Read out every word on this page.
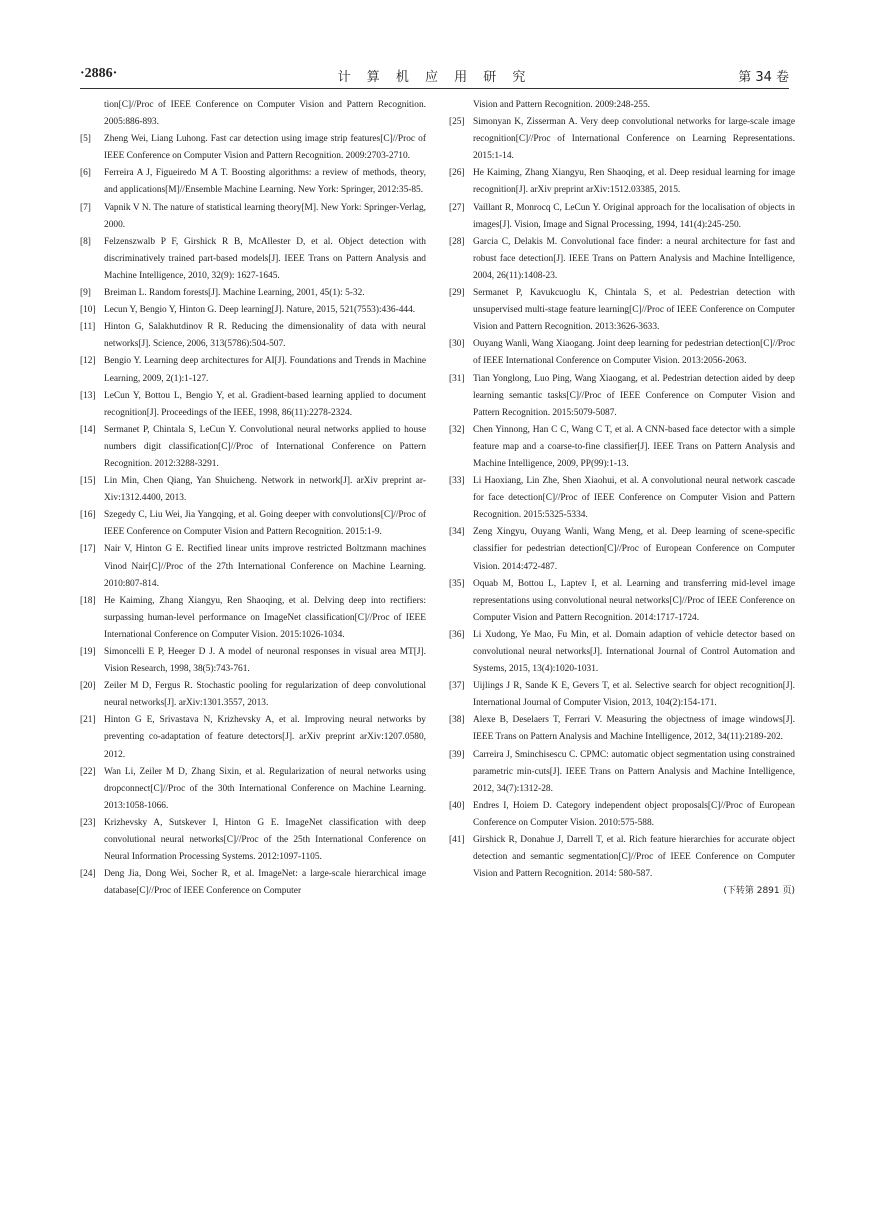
·2886·	计 算 机 应 用 研 究	第 34 卷
tion[C]//Proc of IEEE Conference on Computer Vision and Pattern Recognition. 2005:886-893.
[5]	Zheng Wei, Liang Luhong. Fast car detection using image strip features[C]//Proc of IEEE Conference on Computer Vision and Pattern Recognition. 2009:2703-2710.
[6]	Ferreira A J, Figueiredo M A T. Boosting algorithms: a review of methods, theory, and applications[M]//Ensemble Machine Learning. New York: Springer, 2012:35-85.
[7]	Vapnik V N. The nature of statistical learning theory[M]. New York: Springer-Verlag, 2000.
[8]	Felzenszwalb P F, Girshick R B, McAllester D, et al. Object detection with discriminatively trained part-based models[J]. IEEE Trans on Pattern Analysis and Machine Intelligence, 2010, 32(9): 1627-1645.
[9]	Breiman L. Random forests[J]. Machine Learning, 2001, 45(1): 5-32.
[10] Lecun Y, Bengio Y, Hinton G. Deep learning[J]. Nature, 2015, 521(7553):436-444.
[11] Hinton G, Salakhutdinov R R. Reducing the dimensionality of data with neural networks[J]. Science, 2006, 313(5786):504-507.
[12] Bengio Y. Learning deep architectures for AI[J]. Foundations and Trends in Machine Learning, 2009, 2(1):1-127.
[13] LeCun Y, Bottou L, Bengio Y, et al. Gradient-based learning applied to document recognition[J]. Proceedings of the IEEE, 1998, 86(11):2278-2324.
[14] Sermanet P, Chintala S, LeCun Y. Convolutional neural networks applied to house numbers digit classification[C]//Proc of International Conference on Pattern Recognition. 2012:3288-3291.
[15] Lin Min, Chen Qiang, Yan Shuicheng. Network in network[J]. arXiv preprint ar-Xiv:1312.4400, 2013.
[16] Szegedy C, Liu Wei, Jia Yangqing, et al. Going deeper with convolutions[C]//Proc of IEEE Conference on Computer Vision and Pattern Recognition. 2015:1-9.
[17] Nair V, Hinton G E. Rectified linear units improve restricted Boltzmann machines Vinod Nair[C]//Proc of the 27th International Conference on Machine Learning. 2010:807-814.
[18] He Kaiming, Zhang Xiangyu, Ren Shaoqing, et al. Delving deep into rectifiers: surpassing human-level performance on ImageNet classification[C]//Proc of IEEE International Conference on Computer Vision. 2015:1026-1034.
[19] Simoncelli E P, Heeger D J. A model of neuronal responses in visual area MT[J]. Vision Research, 1998, 38(5):743-761.
[20] Zeiler M D, Fergus R. Stochastic pooling for regularization of deep convolutional neural networks[J]. arXiv:1301.3557, 2013.
[21] Hinton G E, Srivastava N, Krizhevsky A, et al. Improving neural networks by preventing co-adaptation of feature detectors[J]. arXiv preprint arXiv:1207.0580, 2012.
[22] Wan Li, Zeiler M D, Zhang Sixin, et al. Regularization of neural networks using dropconnect[C]//Proc of the 30th International Conference on Machine Learning. 2013:1058-1066.
[23] Krizhevsky A, Sutskever I, Hinton G E. ImageNet classification with deep convolutional neural networks[C]//Proc of the 25th International Conference on Neural Information Processing Systems. 2012:1097-1105.
[24] Deng Jia, Dong Wei, Socher R, et al. ImageNet: a large-scale hierarchical image database[C]//Proc of IEEE Conference on Computer
Vision and Pattern Recognition. 2009:248-255.
[25] Simonyan K, Zisserman A. Very deep convolutional networks for large-scale image recognition[C]//Proc of International Conference on Learning Representations. 2015:1-14.
[26] He Kaiming, Zhang Xiangyu, Ren Shaoqing, et al. Deep residual learning for image recognition[J]. arXiv preprint arXiv:1512.03385, 2015.
[27] Vaillant R, Monrocq C, LeCun Y. Original approach for the localisation of objects in images[J]. Vision, Image and Signal Processing, 1994, 141(4):245-250.
[28] Garcia C, Delakis M. Convolutional face finder: a neural architecture for fast and robust face detection[J]. IEEE Trans on Pattern Analysis and Machine Intelligence, 2004, 26(11):1408-23.
[29] Sermanet P, Kavukcuoglu K, Chintala S, et al. Pedestrian detection with unsupervised multi-stage feature learning[C]//Proc of IEEE Conference on Computer Vision and Pattern Recognition. 2013:3626-3633.
[30] Ouyang Wanli, Wang Xiaogang. Joint deep learning for pedestrian detection[C]//Proc of IEEE International Conference on Computer Vision. 2013:2056-2063.
[31] Tian Yonglong, Luo Ping, Wang Xiaogang, et al. Pedestrian detection aided by deep learning semantic tasks[C]//Proc of IEEE Conference on Computer Vision and Pattern Recognition. 2015:5079-5087.
[32] Chen Yinnong, Han C C, Wang C T, et al. A CNN-based face detector with a simple feature map and a coarse-to-fine classifier[J]. IEEE Trans on Pattern Analysis and Machine Intelligence, 2009, PP(99):1-13.
[33] Li Haoxiang, Lin Zhe, Shen Xiaohui, et al. A convolutional neural network cascade for face detection[C]//Proc of IEEE Conference on Computer Vision and Pattern Recognition. 2015:5325-5334.
[34] Zeng Xingyu, Ouyang Wanli, Wang Meng, et al. Deep learning of scene-specific classifier for pedestrian detection[C]//Proc of European Conference on Computer Vision. 2014:472-487.
[35] Oquab M, Bottou L, Laptev I, et al. Learning and transferring mid-level image representations using convolutional neural networks[C]//Proc of IEEE Conference on Computer Vision and Pattern Recognition. 2014:1717-1724.
[36] Li Xudong, Ye Mao, Fu Min, et al. Domain adaption of vehicle detector based on convolutional neural networks[J]. International Journal of Control Automation and Systems, 2015, 13(4):1020-1031.
[37] Uijlings J R, Sande K E, Gevers T, et al. Selective search for object recognition[J]. International Journal of Computer Vision, 2013, 104(2):154-171.
[38] Alexe B, Deselaers T, Ferrari V. Measuring the objectness of image windows[J]. IEEE Trans on Pattern Analysis and Machine Intelligence, 2012, 34(11):2189-202.
[39] Carreira J, Sminchisescu C. CPMC: automatic object segmentation using constrained parametric min-cuts[J]. IEEE Trans on Pattern Analysis and Machine Intelligence, 2012, 34(7):1312-28.
[40] Endres I, Hoiem D. Category independent object proposals[C]//Proc of European Conference on Computer Vision. 2010:575-588.
[41] Girshick R, Donahue J, Darrell T, et al. Rich feature hierarchies for accurate object detection and semantic segmentation[C]//Proc of IEEE Conference on Computer Vision and Pattern Recognition. 2014: 580-587.
(下转第 2891 页)
